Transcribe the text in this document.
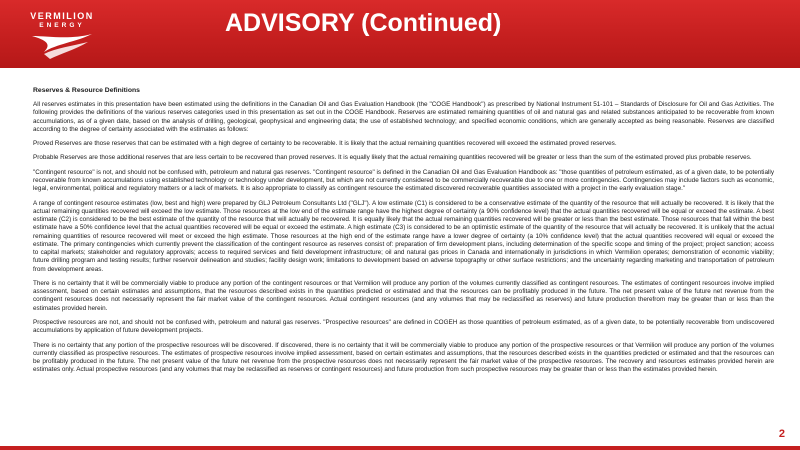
VERMILION
ENERGY	ADVISORY (Continued)
Reserves & Resource Definitions

All reserves estimates in this presentation have been estimated using the definitions in the Canadian Oil and Gas Evaluation Handbook (the "COGE Handbook") as prescribed by National Instrument 51-101 – Standards of Disclosure for Oil and Gas Activities. The following provides the definitions of the various reserves categories used in this presentation as set out in the COGE Handbook. Reserves are estimated remaining quantities of oil and natural gas and related substances anticipated to be recoverable from known accumulations, as of a given date, based on the analysis of drilling, geological, geophysical and engineering data; the use of established technology; and specified economic conditions, which are generally accepted as being reasonable. Reserves are classified according to the degree of certainty associated with the estimates as follows:

Proved Reserves are those reserves that can be estimated with a high degree of certainty to be recoverable. It is likely that the actual remaining quantities recovered will exceed the estimated proved reserves.

Probable Reserves are those additional reserves that are less certain to be recovered than proved reserves. It is equally likely that the actual remaining quantities recovered will be greater or less than the sum of the estimated proved plus probable reserves.

"Contingent resource" is not, and should not be confused with, petroleum and natural gas reserves. "Contingent resource" is defined in the Canadian Oil and Gas Evaluation Handbook as: "those quantities of petroleum estimated, as of a given date, to be potentially recoverable from known accumulations using established technology or technology under development, but which are not currently considered to be commercially recoverable due to one or more contingencies. Contingencies may include factors such as economic, legal, environmental, political and regulatory matters or a lack of markets. It is also appropriate to classify as contingent resource the estimated discovered recoverable quantities associated with a project in the early evaluation stage."

A range of contingent resource estimates (low, best and high) were prepared by GLJ Petroleum Consultants Ltd ("GLJ"). A low estimate (C1) is considered to be a conservative estimate of the quantity of the resource that will actually be recovered. It is likely that the actual remaining quantities recovered will exceed the low estimate. Those resources at the low end of the estimate range have the highest degree of certainty (a 90% confidence level) that the actual quantities recovered will be equal or exceed the estimate. A best estimate (C2) is considered to be the best estimate of the quantity of the resource that will actually be recovered. It is equally likely that the actual remaining quantities recovered will be greater or less than the best estimate. Those resources that fall within the best estimate have a 50% confidence level that the actual quantities recovered will be equal or exceed the estimate. A high estimate (C3) is considered to be an optimistic estimate of the quantity of the resource that will actually be recovered. It is unlikely that the actual remaining quantities of resource recovered will meet or exceed the high estimate. Those resources at the high end of the estimate range have a lower degree of certainty (a 10% confidence level) that the actual quantities recovered will equal or exceed the estimate. The primary contingencies which currently prevent the classification of the contingent resource as reserves consist of: preparation of firm development plans, including determination of the specific scope and timing of the project; project sanction; access to capital markets; stakeholder and regulatory approvals; access to required services and field development infrastructure; oil and natural gas prices in Canada and internationally in jurisdictions in which Vermilion operates; demonstration of economic viability; future drilling program and testing results; further reservoir delineation and studies; facility design work; limitations to development based on adverse topography or other surface restrictions; and the uncertainty regarding marketing and transportation of petroleum from development areas.

There is no certainty that it will be commercially viable to produce any portion of the contingent resources or that Vermilion will produce any portion of the volumes currently classified as contingent resources. The estimates of contingent resources involve implied assessment, based on certain estimates and assumptions, that the resources described exists in the quantities predicted or estimated and that the resources can be profitably produced in the future. The net present value of the future net revenue from the contingent resources does not necessarily represent the fair market value of the contingent resources. Actual contingent resources (and any volumes that may be reclassified as reserves) and future production therefrom may be greater than or less than the estimates provided herein.

Prospective resources are not, and should not be confused with, petroleum and natural gas reserves. "Prospective resources" are defined in COGEH as those quantities of petroleum estimated, as of a given date, to be potentially recoverable from undiscovered accumulations by application of future development projects.

There is no certainty that any portion of the prospective resources will be discovered. If discovered, there is no certainty that it will be commercially viable to produce any portion of the prospective resources or that Vermilion will produce any portion of the volumes currently classified as prospective resources. The estimates of prospective resources involve implied assessment, based on certain estimates and assumptions, that the resources described exists in the quantities predicted or estimated and that the resources can be profitably produced in the future. The net present value of the future net revenue from the prospective resources does not necessarily represent the fair market value of the prospective resources. The recovery and resources estimates provided herein are estimates only. Actual prospective resources (and any volumes that may be reclassified as reserves or contingent resources) and future production from such prospective resources may be greater than or less than the estimates provided herein.

2
